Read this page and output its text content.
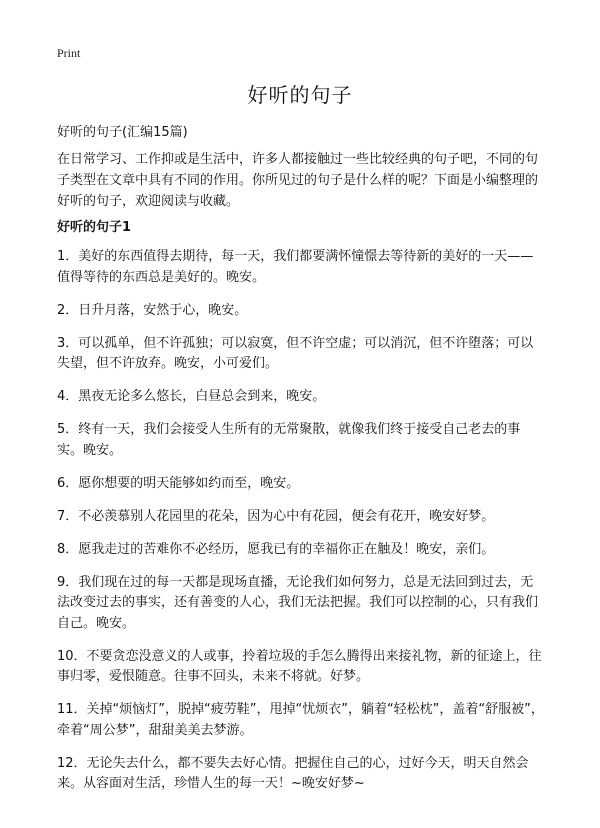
Print
好听的句子

好听的句子(汇编15篇)

在日常学习、工作抑或是生活中，许多人都接触过一些比较经典的句子吧，不同的句子类型在文章中具有不同的作用。你所见过的句子是什么样的呢？下面是小编整理的好听的句子，欢迎阅读与收藏。

好听的句子1
1．美好的东西值得去期待，每一天，我们都要满怀憧憬去等待新的美好的一天——值得等待的东西总是美好的。晚安。
2．日升月落，安然于心，晚安。
3．可以孤单，但不许孤独；可以寂寞，但不许空虚；可以消沉，但不许堕落；可以失望，但不许放弃。晚安，小可爱们。
4．黑夜无论多么悠长，白昼总会到来，晚安。
5．终有一天，我们会接受人生所有的无常聚散，就像我们终于接受自己老去的事实。晚安。
6．愿你想要的明天能够如约而至，晚安。
7．不必羡慕别人花园里的花朵，因为心中有花园，便会有花开，晚安好梦。
8．愿我走过的苦难你不必经历，愿我已有的幸福你正在触及！晚安，亲们。
9．我们现在过的每一天都是现场直播，无论我们如何努力，总是无法回到过去，无法改变过去的事实，还有善变的人心，我们无法把握。我们可以控制的心，只有我们自己。晚安。
10．不要贪恋没意义的人或事，拎着垃圾的手怎么腾得出来接礼物，新的征途上，往事归零，爱恨随意。往事不回头，未来不将就。好梦。
11．关掉“烦恼灯”，脱掉“疲劳鞋”，甩掉“忧烦衣”，躺着“轻松枕”，盖着“舒服被”，牵着“周公梦”，甜甜美美去梦游。
12．无论失去什么，都不要失去好心情。把握住自己的心，过好今天，明天自然会来。从容面对生活，珍惜人生的每一天！~晚安好梦~
